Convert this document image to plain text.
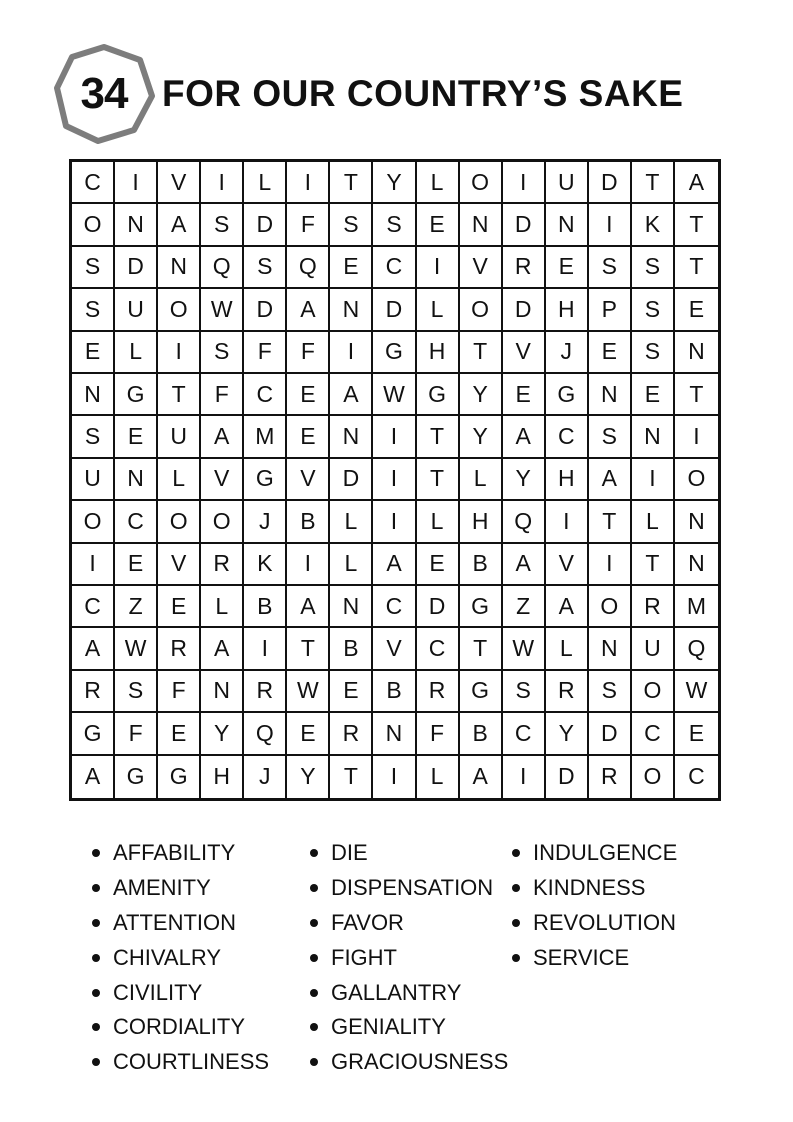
34 FOR OUR COUNTRY’S SAKE
C	I	V	I	L	I	T	Y	L	O	I	U	D	T	A
O	N	A	S	D	F	S	S	E	N	D	N	I	K	T
S	D	N	Q	S	Q	E	C	I	V	R	E	S	S	T
S	U	O	W	D	A	N	D	L	O	D	H	P	S	E
E	L	I	S	F	F	I	G	H	T	V	J	E	S	N
N	G	T	F	C	E	A	W	G	Y	E	G	N	E	T
S	E	U	A	M	E	N	I	T	Y	A	C	S	N	I
U	N	L	V	G	V	D	I	T	L	Y	H	A	I	O
O	C	O	O	J	B	L	I	L	H	Q	I	T	L	N
I	E	V	R	K	I	L	A	E	B	A	V	I	T	N
C	Z	E	L	B	A	N	C	D	G	Z	A	O	R	M
A	W	R	A	I	T	B	V	C	T	W	L	N	U	Q
R	S	F	N	R	W	E	B	R	G	S	R	S	O	W
G	F	E	Y	Q	E	R	N	F	B	C	Y	D	C	E
A	G	G	H	J	Y	T	I	L	A	I	D	R	O	C
AFFABILITY
AMENITY
ATTENTION
CHIVALRY
CIVILITY
CORDIALITY
COURTLINESS
DIE
DISPENSATION
FAVOR
FIGHT
GALLANTRY
GENIALITY
GRACIOUSNESS
INDULGENCE
KINDNESS
REVOLUTION
SERVICE
